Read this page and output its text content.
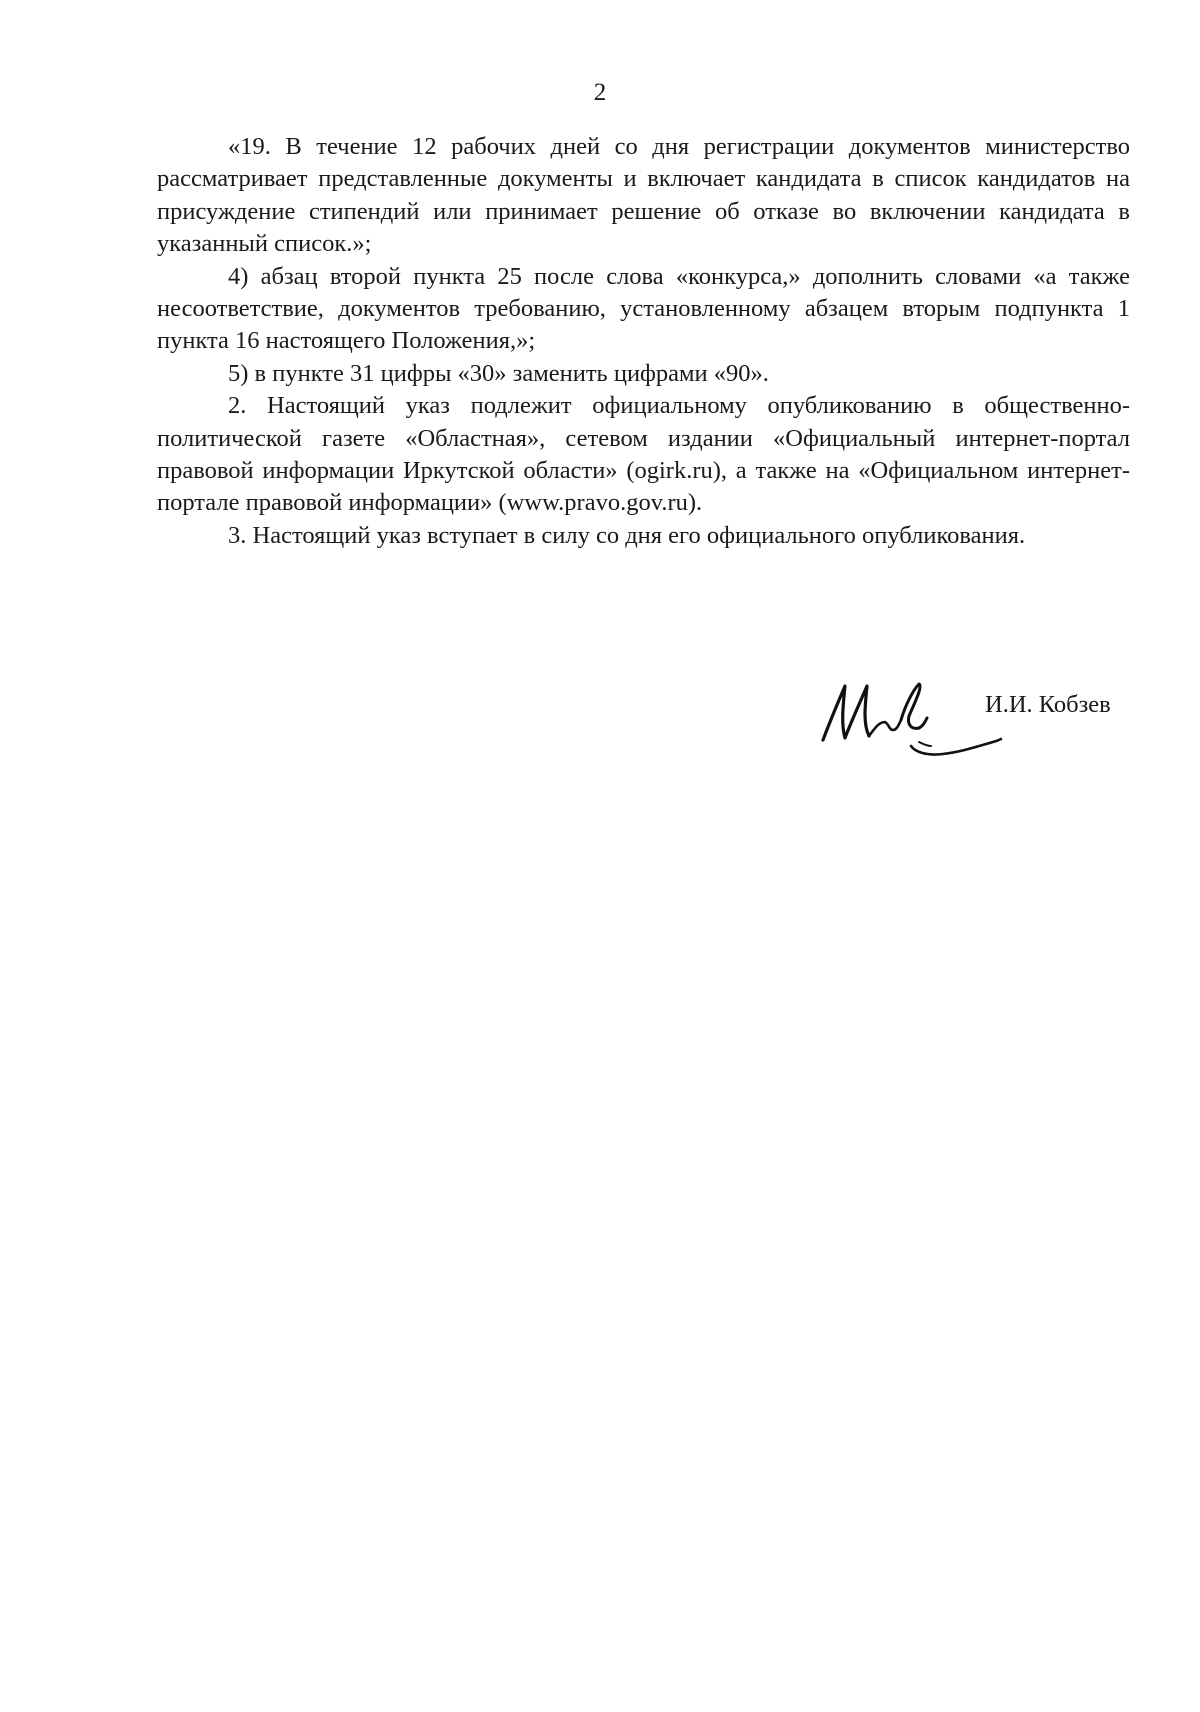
2

«19. В течение 12 рабочих дней со дня регистрации документов министерство рассматривает представленные документы и включает кандидата в список кандидатов на присуждение стипендий или принимает решение об отказе во включении кандидата в указанный список.»;

4) абзац второй пункта 25 после слова «конкурса,» дополнить словами «а также несоответствие, документов требованию, установленному абзацем вторым подпункта 1 пункта 16 настоящего Положения,»;

5) в пункте 31 цифры «30» заменить цифрами «90».

2. Настоящий указ подлежит официальному опубликованию в общественно-политической газете «Областная», сетевом издании «Официальный интернет-портал правовой информации Иркутской области» (ogirk.ru), а также на «Официальном интернет-портале правовой информации» (www.pravo.gov.ru).

3. Настоящий указ вступает в силу со дня его официального опубликования.

И.И. Кобзев
